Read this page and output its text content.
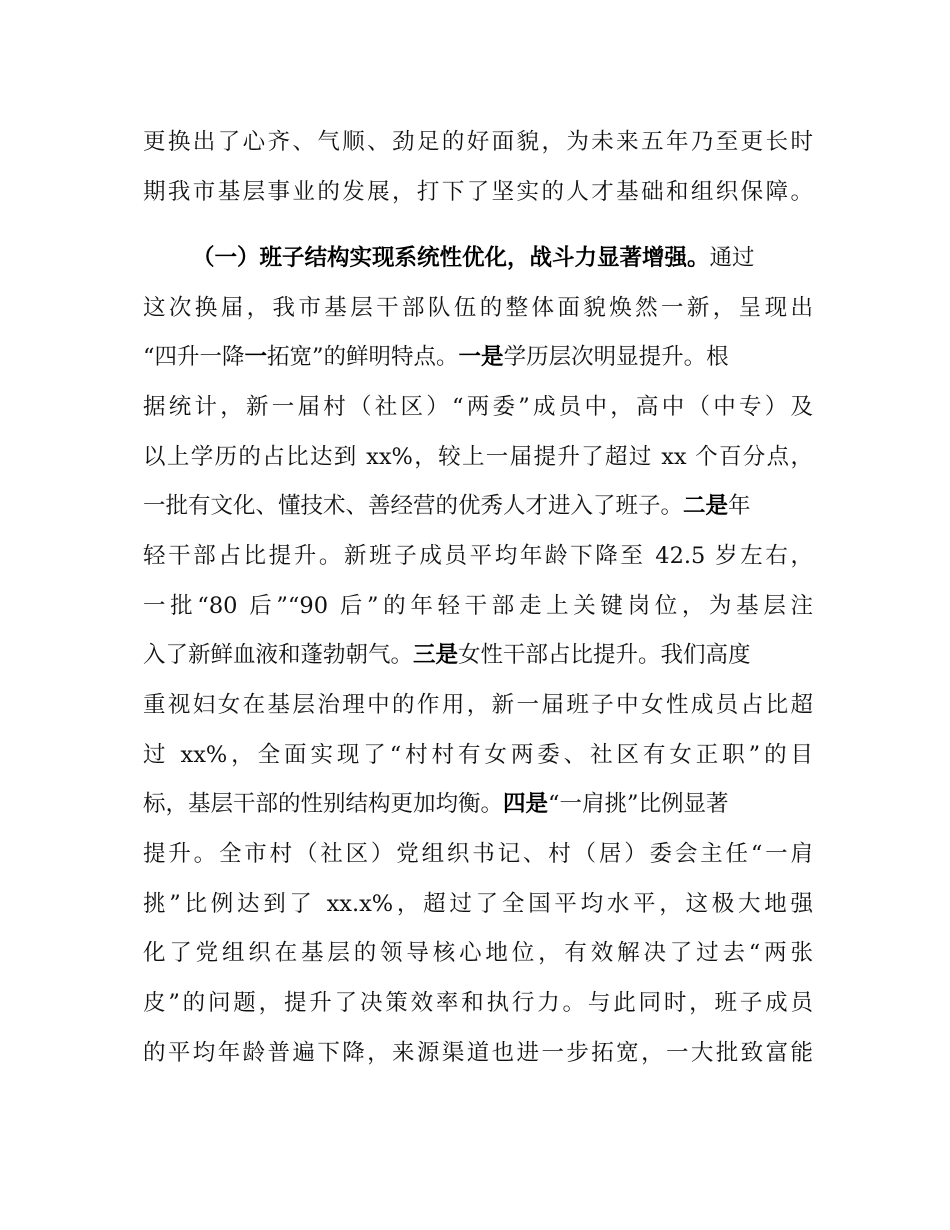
更换出了心齐、气顺、劲足的好面貌，为未来五年乃至更长时
期我市基层事业的发展，打下了坚实的人才基础和组织保障。
（一）班子结构实现系统性优化，战斗力显著增强。通过
这次换届，我市基层干部队伍的整体面貌焕然一新，呈现出
“四升一降一拓宽”的鲜明特点。一是学历层次明显提升。根
据统计，新一届村（社区）“两委”成员中，高中（中专）及
以上学历的占比达到 xx%，较上一届提升了超过 xx 个百分点，
一批有文化、懂技术、善经营的优秀人才进入了班子。二是年
轻干部占比提升。新班子成员平均年龄下降至 42.5 岁左右，
一批“80 后”“90 后”的年轻干部走上关键岗位，为基层注
入了新鲜血液和蓬勃朝气。三是女性干部占比提升。我们高度
重视妇女在基层治理中的作用，新一届班子中女性成员占比超
过 xx%，全面实现了“村村有女两委、社区有女正职”的目
标，基层干部的性别结构更加均衡。四是“一肩挑”比例显著
提升。全市村（社区）党组织书记、村（居）委会主任“一肩
挑”比例达到了 xx.x%，超过了全国平均水平，这极大地强
化了党组织在基层的领导核心地位，有效解决了过去“两张
皮”的问题，提升了决策效率和执行力。与此同时，班子成员
的平均年龄普遍下降，来源渠道也进一步拓宽，一大批致富能
